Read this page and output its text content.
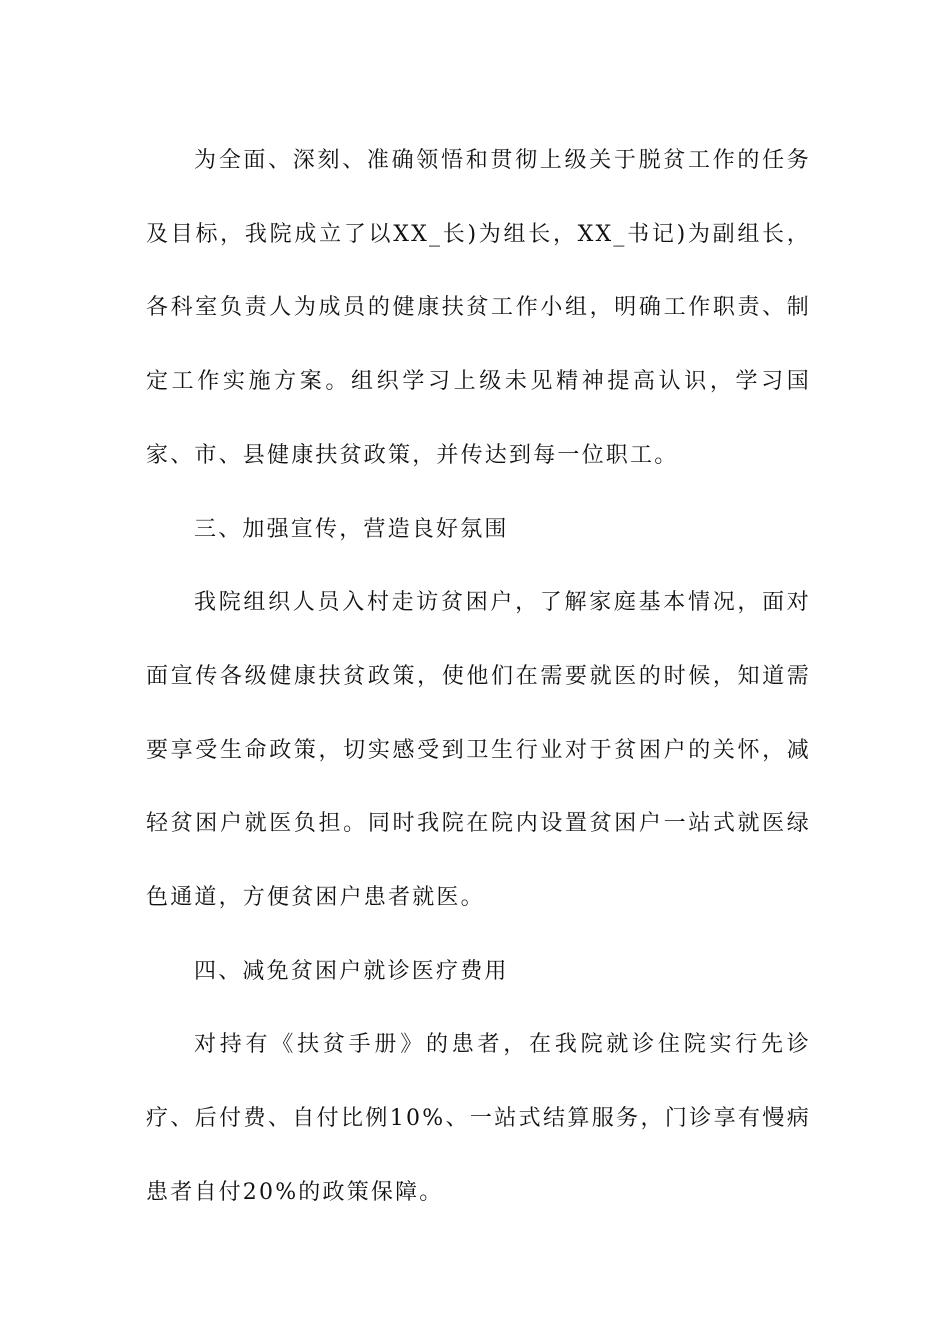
为全面、深刻、准确领悟和贯彻上级关于脱贫工作的任务及目标，我院成立了以XX_长)为组长，XX_书记)为副组长，各科室负责人为成员的健康扶贫工作小组，明确工作职责、制定工作实施方案。组织学习上级未见精神提高认识，学习国家、市、县健康扶贫政策，并传达到每一位职工。

三、加强宣传，营造良好氛围

我院组织人员入村走访贫困户，了解家庭基本情况，面对面宣传各级健康扶贫政策，使他们在需要就医的时候，知道需要享受生命政策，切实感受到卫生行业对于贫困户的关怀，减轻贫困户就医负担。同时我院在院内设置贫困户一站式就医绿色通道，方便贫困户患者就医。

四、减免贫困户就诊医疗费用

对持有《扶贫手册》的患者，在我院就诊住院实行先诊疗、后付费、自付比例10%、一站式结算服务，门诊享有慢病患者自付20%的政策保障。
